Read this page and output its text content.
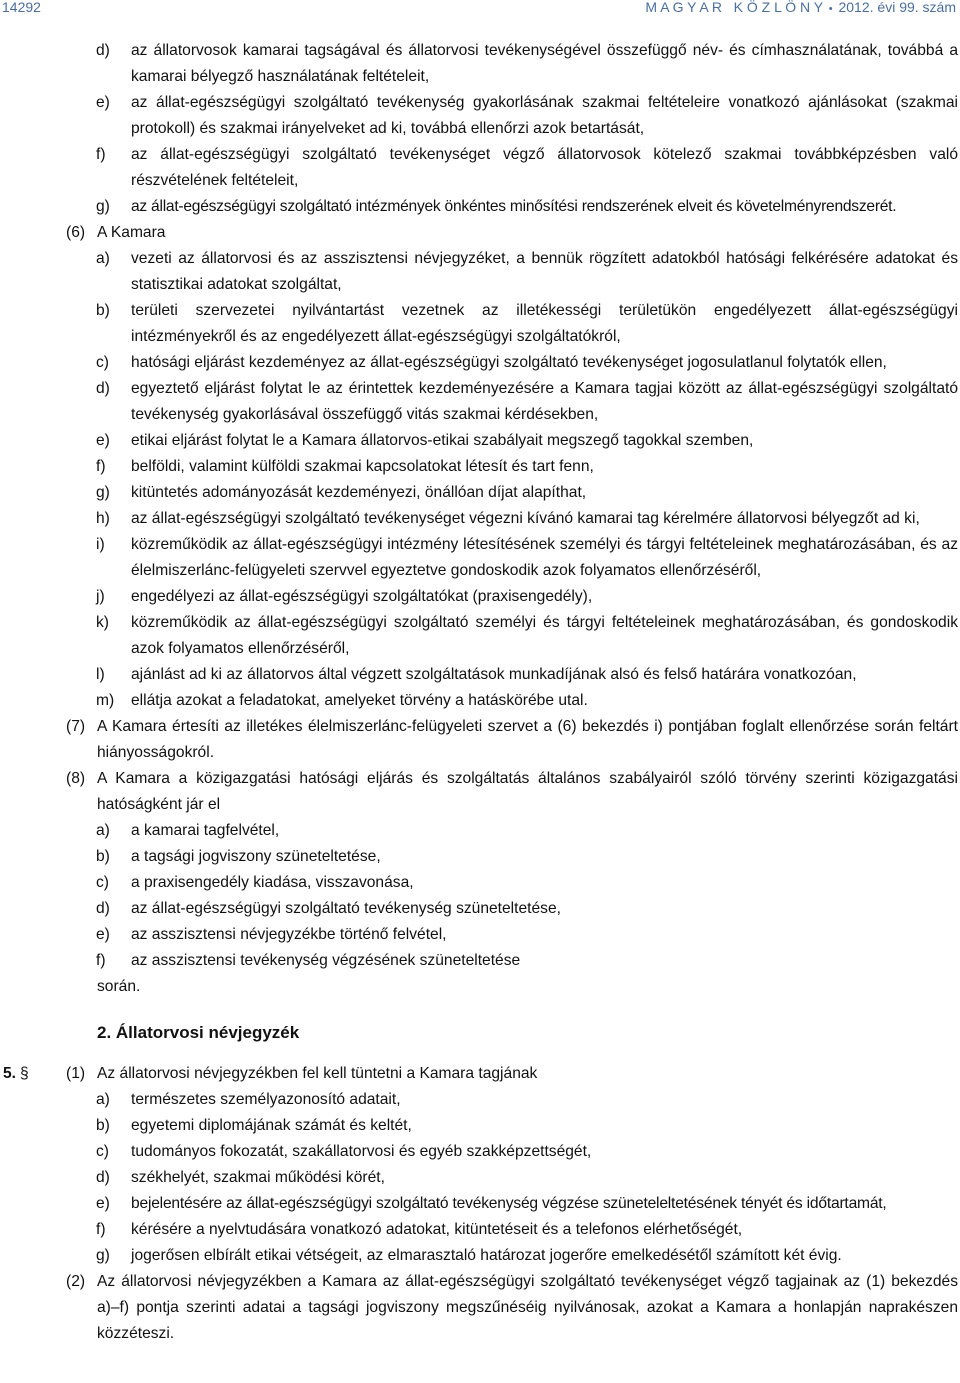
14292	M A G Y A R   K Ö Z L Ö N Y • 2012. évi 99. szám
d) az állatorvosok kamarai tagságával és állatorvosi tevékenységével összefüggő név- és címhasználatának, továbbá a kamarai bélyegző használatának feltételeit,
e) az állat-egészségügyi szolgáltató tevékenység gyakorlásának szakmai feltételeire vonatkozó ajánlásokat (szakmai protokoll) és szakmai irányelveket ad ki, továbbá ellenőrzi azok betartását,
f) az állat-egészségügyi szolgáltató tevékenységet végző állatorvosok kötelező szakmai továbbképzésben való részvételének feltételeit,
g) az állat-egészségügyi szolgáltató intézmények önkéntes minősítési rendszerének elveit és követelményrendszerét.
(6) A Kamara
a) vezeti az állatorvosi és az asszisztensi névjegyzéket, a bennük rögzített adatokból hatósági felkérésére adatokat és statisztikai adatokat szolgáltat,
b) területi szervezetei nyilvántartást vezetnek az illetékességi területükön engedélyezett állat-egészségügyi intézményekről és az engedélyezett állat-egészségügyi szolgáltatókról,
c) hatósági eljárást kezdeményez az állat-egészségügyi szolgáltató tevékenységet jogosulatlanul folytatók ellen,
d) egyeztető eljárást folytat le az érintettek kezdeményezésére a Kamara tagjai között az állat-egészségügyi szolgáltató tevékenység gyakorlásával összefüggő vitás szakmai kérdésekben,
e) etikai eljárást folytat le a Kamara állatorvos-etikai szabályait megszegő tagokkal szemben,
f) belföldi, valamint külföldi szakmai kapcsolatokat létesít és tart fenn,
g) kitüntetés adományozását kezdeményezi, önállóan díjat alapíthat,
h) az állat-egészségügyi szolgáltató tevékenységet végezni kívánó kamarai tag kérelmére állatorvosi bélyegzőt ad ki,
i) közreműködik az állat-egészségügyi intézmény létesítésének személyi és tárgyi feltételeinek meghatározásában, és az élelmiszerlánc-felügyeleti szervvel egyeztetve gondoskodik azok folyamatos ellenőrzéséről,
j) engedélyezi az állat-egészségügyi szolgáltatókat (praxisengedély),
k) közreműködik az állat-egészségügyi szolgáltató személyi és tárgyi feltételeinek meghatározásában, és gondoskodik azok folyamatos ellenőrzéséről,
l) ajánlást ad ki az állatorvos által végzett szolgáltatások munkadíjának alsó és felső határára vonatkozóan,
m) ellátja azokat a feladatokat, amelyeket törvény a hatáskörébe utal.
(7) A Kamara értesíti az illetékes élelmiszerlánc-felügyeleti szervet a (6) bekezdés i) pontjában foglalt ellenőrzése során feltárt hiányosságokról.
(8) A Kamara a közigazgatási hatósági eljárás és szolgáltatás általános szabályairól szóló törvény szerinti közigazgatási hatóságként jár el
a) a kamarai tagfelvétel,
b) a tagsági jogviszony szüneteltetése,
c) a praxisengedély kiadása, visszavonása,
d) az állat-egészségügyi szolgáltató tevékenység szüneteltetése,
e) az asszisztensi névjegyzékbe történő felvétel,
f) az asszisztensi tevékenység végzésének szüneteltetése
során.
2. Állatorvosi névjegyzék
5. § (1) Az állatorvosi névjegyzékben fel kell tüntetni a Kamara tagjának
a) természetes személyazonosító adatait,
b) egyetemi diplomájának számát és keltét,
c) tudományos fokozatát, szakállatorvosi és egyéb szakképzettségét,
d) székhelyét, szakmai működési körét,
e) bejelentésére az állat-egészségügyi szolgáltató tevékenység végzése szüneteleltetésének tényét és időtartamát,
f) kérésére a nyelvtudására vonatkozó adatokat, kitüntetéseit és a telefonos elérhetőségét,
g) jogerősen elbírált etikai vétségeit, az elmarasztaló határozat jogerőre emelkedésétől számított két évig.
(2) Az állatorvosi névjegyzékben a Kamara az állat-egészségügyi szolgáltató tevékenységet végző tagjainak az (1) bekezdés a)–f) pontja szerinti adatai a tagsági jogviszony megszűnéséig nyilvánosak, azokat a Kamara a honlapján naprakészen közzéteszi.
